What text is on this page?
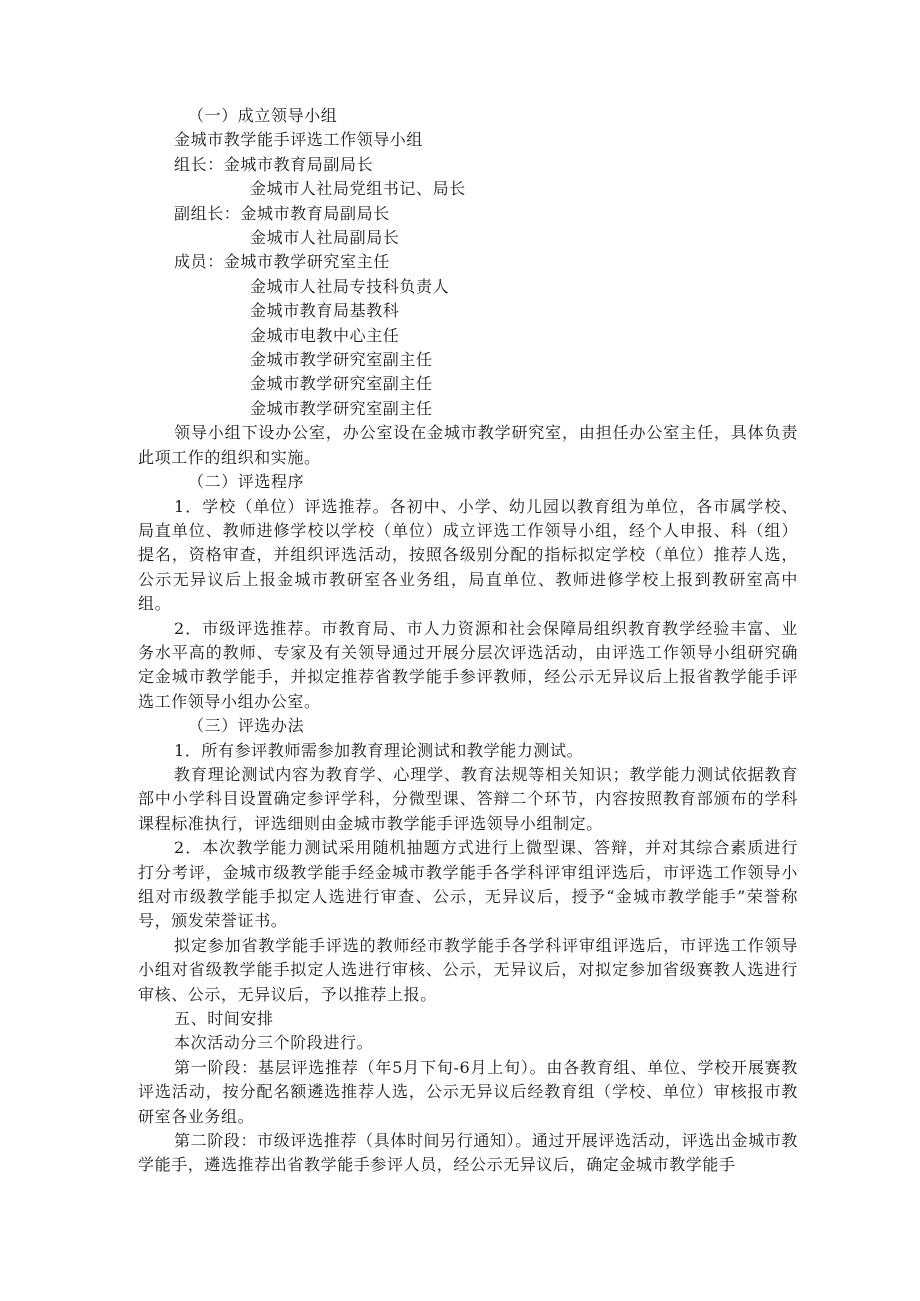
（一）成立领导小组

金城市教学能手评选工作领导小组

组长：金城市教育局副局长

金城市人社局党组书记、局长

副组长：金城市教育局副局长

金城市人社局副局长

成员：金城市教学研究室主任

金城市人社局专技科负责人

金城市教育局基教科

金城市电教中心主任

金城市教学研究室副主任

金城市教学研究室副主任

金城市教学研究室副主任

领导小组下设办公室，办公室设在金城市教学研究室，由担任办公室主任，具体负责此项工作的组织和实施。

（二）评选程序

1．学校（单位）评选推荐。各初中、小学、幼儿园以教育组为单位，各市属学校、局直单位、教师进修学校以学校（单位）成立评选工作领导小组，经个人申报、科（组）提名，资格审查，并组织评选活动，按照各级别分配的指标拟定学校（单位）推荐人选，公示无异议后上报金城市教研室各业务组，局直单位、教师进修学校上报到教研室高中组。

2．市级评选推荐。市教育局、市人力资源和社会保障局组织教育教学经验丰富、业务水平高的教师、专家及有关领导通过开展分层次评选活动，由评选工作领导小组研究确定金城市教学能手，并拟定推荐省教学能手参评教师，经公示无异议后上报省教学能手评选工作领导小组办公室。

（三）评选办法

1．所有参评教师需参加教育理论测试和教学能力测试。

教育理论测试内容为教育学、心理学、教育法规等相关知识；教学能力测试依据教育部中小学科目设置确定参评学科，分微型课、答辩二个环节，内容按照教育部颁布的学科课程标准执行，评选细则由金城市教学能手评选领导小组制定。

2．本次教学能力测试采用随机抽题方式进行上微型课、答辩，并对其综合素质进行打分考评，金城市级教学能手经金城市教学能手各学科评审组评选后，市评选工作领导小组对市级教学能手拟定人选进行审查、公示，无异议后，授予“金城市教学能手”荣誉称号，颁发荣誉证书。

拟定参加省教学能手评选的教师经市教学能手各学科评审组评选后，市评选工作领导小组对省级教学能手拟定人选进行审核、公示，无异议后，对拟定参加省级赛教人选进行审核、公示，无异议后，予以推荐上报。

五、时间安排

本次活动分三个阶段进行。

第一阶段：基层评选推荐（年5月下旬-6月上旬）。由各教育组、单位、学校开展赛教评选活动，按分配名额遴选推荐人选，公示无异议后经教育组（学校、单位）审核报市教研室各业务组。

第二阶段：市级评选推荐（具体时间另行通知）。通过开展评选活动，评选出金城市教学能手，遴选推荐出省教学能手参评人员，经公示无异议后，确定金城市教学能手
